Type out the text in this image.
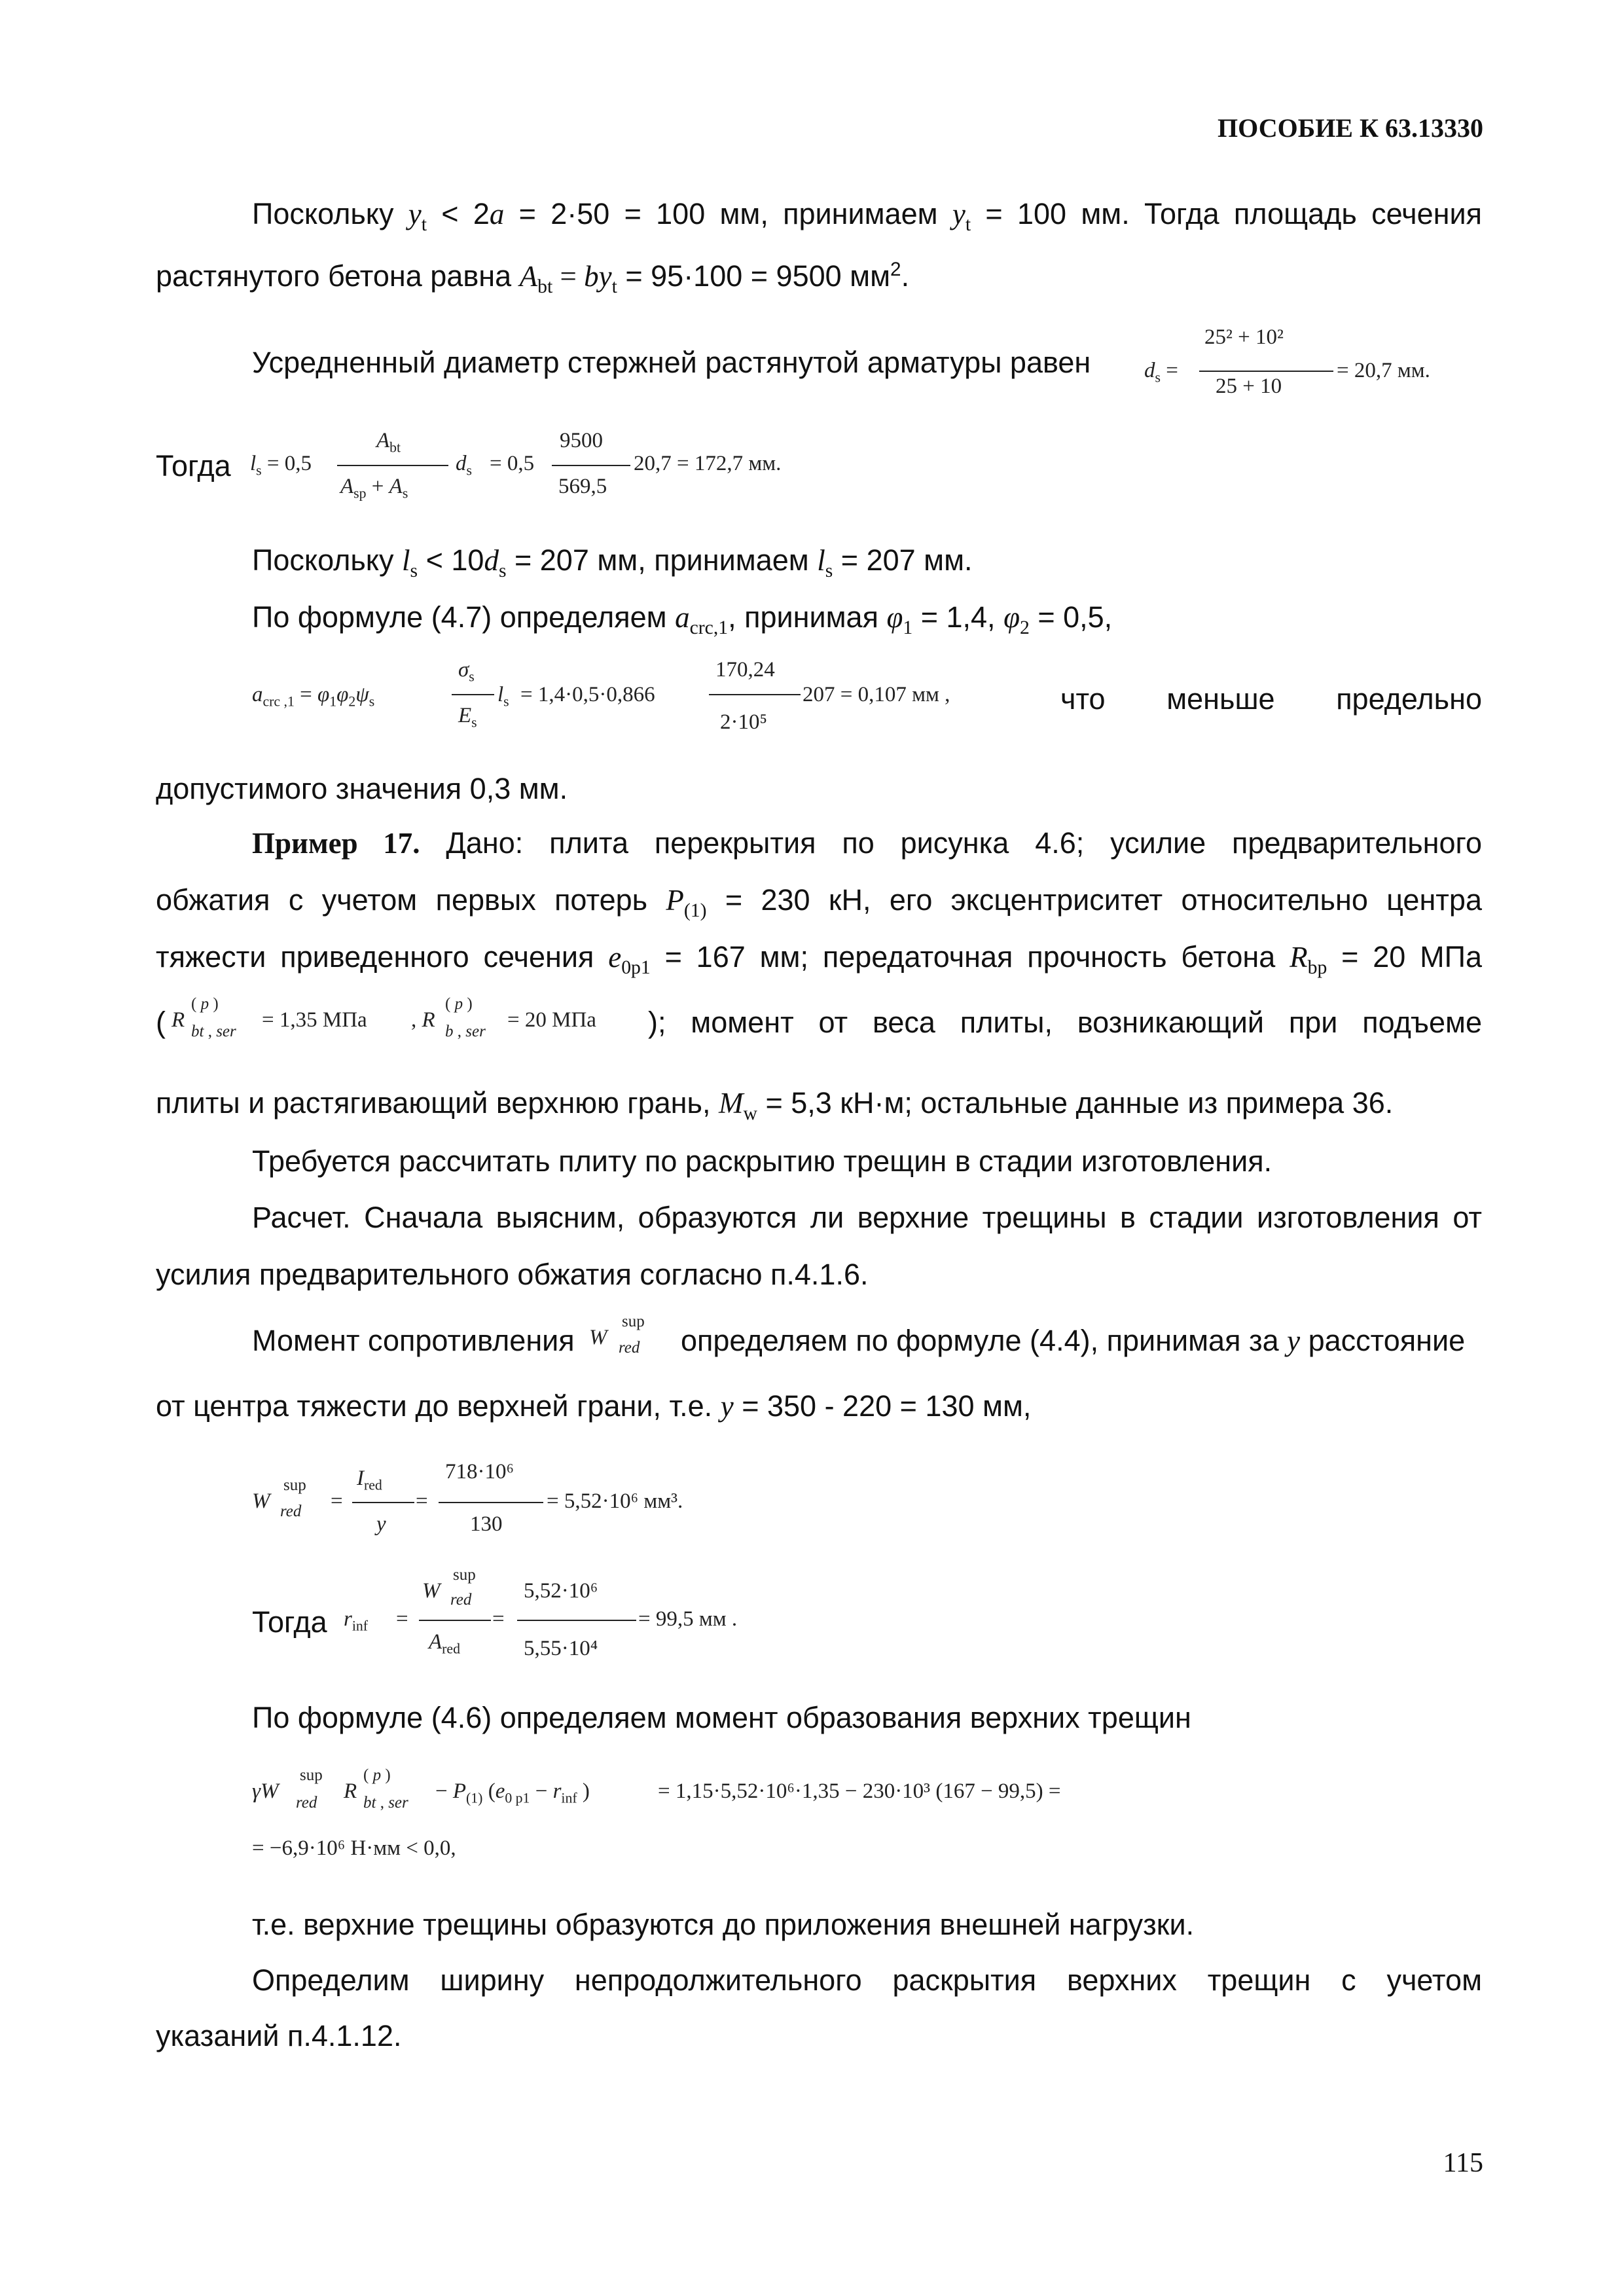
ПОСОБИЕ К 63.13330
Поскольку $y_t < 2a = 2\cdot 50 = 100$ мм, принимаем $y_t = 100$ мм. Тогда площадь сечения
растянутого бетона равна $A_{bt} = by_t = 95\cdot 100 = 9500$ $мм^2$.
Усредненный диаметр стержней растянутой арматуры равен $d_s$ =
25² + 10²
25 + 10
= 20,7 мм.
Тогда $l_s = 0,5$
$A_{bt}$
$A_{sp} + A_s$
$d_s = 0,5$
9500
569,5
20,7 = 172,7 мм.
Поскольку $l_s < 10d_s = 207$ мм, принимаем $l_s = 207$ мм.
По формуле (4.7) определяем $a_{crc,1}$, принимая $\varphi_1 = 1,4$, $\varphi_2 = 0,5$,
$a_{crc ,1} = \varphi_1\varphi_2\psi_s$
$\sigma_s$
$E_s$
$l_s = 1,4\cdot 0,5\cdot 0,866$
170,24
2·10⁵
207 = 0,107 мм ,	что меньше предельно
допустимого значения 0,3 мм.
Пример 17. Дано: плита перекрытия по рисунка 4.6; усилие предварительного
обжатия с учетом первых потерь $P_{(1)} = 230$ кН, его эксцентриситет относительно центра
тяжести приведенного сечения $e_{0p1} = 167$ мм; передаточная прочность бетона $R_{bp} = 20$ МПа
( R
( p )
bt , ser = 1,35 МПа , R
( p )
b , ser = 20 МПа ); момент от веса плиты, возникающий при подъеме
плиты и растягивающий верхнюю грань, $M_w = 5,3$ кН·м; остальные данные из примера 36.
Требуется рассчитать плиту по раскрытию трещин в стадии изготовления.
Расчет. Сначала выясним, образуются ли верхние трещины в стадии изготовления от
усилия предварительного обжатия согласно п.4.1.6.
Момент сопротивления W
sup
red определяем по формуле (4.4), принимая за y расстояние
от центра тяжести до верхней грани, т.е. y = 350 - 220 = 130 мм,
W
sup
red =
$I_{red}$
y
=
718·10⁶
130
= 5,52·10⁶ мм³.
Тогда $r_{inf}$ =
W
sup
red
$A_{red}$
=
5,52·10⁶
5,55·10⁴
= 99,5 мм .
По формуле (4.6) определяем момент образования верхних трещин
γW
sup
red R
( p )
bt , ser − $P_{(1)}$ ($e_{0 p1} - r_{inf}$ )	= 1,15·5,52·10⁶·1,35 − 230·10³ (167 − 99,5) =
= −6,9·10⁶ Н·мм < 0,0,
т.е. верхние трещины образуются до приложения внешней нагрузки.
Определим ширину непродолжительного раскрытия верхних трещин с учетом
указаний п.4.1.12.
115
